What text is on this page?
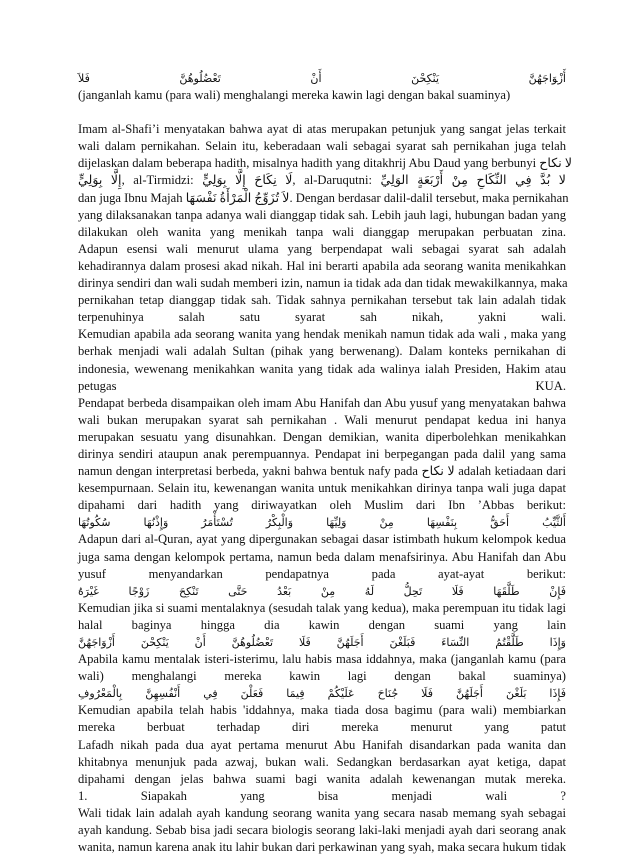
ﺃَﺯْﻮَﺍﺟَﻬُﻦَّ ﻳَﻨْﻜِﺤْﻦَ ﺃَﻥْ ﺗَﻌْﻀُﻠُﻮﻫُﻦَّ ﻓَﻼَ
(janganlah kamu (para wali) menghalangi mereka kawin lagi dengan bakal suaminya)
Imam al-Shafi’i menyatakan bahwa ayat di atas merupakan petunjuk yang sangat jelas terkait
wali dalam pernikahan. Selain itu, keberadaan wali sebagai syarat sah pernikahan juga telah
dijelaskan dalam beberapa hadith, misalnya hadith yang ditakhrij Abu Daud yang berbunyi لا نكاح
إِلَّا بِوَلِيٍّ, al-Tirmidzi: لَا نِكَاحَ إِلَّا بِوَلِيٍّ, al-Daruqutni: لا بُدَّ فِي النِّكَاحِ مِنْ أَرْبَعَةٍ الوَلِيِّ
dan juga Ibnu Majah لاَ تُزَوِّجُ الْمَرْأَةُ نَفْسَهَا. Dengan berdasar dalil-dalil tersebut, maka pernikahan
yang dilaksanakan tanpa adanya wali dianggap tidak sah. Lebih jauh lagi, hubungan badan yang
dilakukan oleh wanita yang menikah tanpa wali dianggap merupakan perbuatan zina.
Adapun esensi wali menurut ulama yang berpendapat wali sebagai syarat sah adalah
kehadirannya dalam prosesi akad nikah. Hal ini berarti apabila ada seorang wanita menikahkan
dirinya sendiri dan wali sudah memberi izin, namun ia tidak ada dan tidak mewakilkannya, maka
pernikahan tetap dianggap tidak sah. Tidak sahnya pernikahan tersebut tak lain adalah tidak
terpenuhinya salah satu syarat sah nikah, yakni wali.
Kemudian apabila ada seorang wanita yang hendak menikah namun tidak ada wali , maka yang
berhak menjadi wali adalah Sultan (pihak yang berwenang). Dalam konteks pernikahan di
indonesia, wewenang menikahkan wanita yang tidak ada walinya ialah Presiden, Hakim atau
petugas KUA.
Pendapat berbeda disampaikan oleh imam Abu Hanifah dan Abu yusuf yang menyatakan bahwa
wali bukan merupakan syarat sah pernikahan . Wali menurut pendapat kedua ini hanya
merupakan sesuatu yang disunahkan. Dengan demikian, wanita diperbolehkan menikahkan
dirinya sendiri ataupun anak perempuannya. Pendapat ini berpegangan pada dalil yang sama
namun dengan interpretasi berbeda, yakni bahwa bentuk nafy pada لا نكاح adalah ketiadaan dari
kesempurnaan. Selain itu, kewenangan wanita untuk menikahkan dirinya tanpa wali juga dapat
dipahami dari hadith yang diriwayatkan oleh Muslim dari Ibn ’Abbas berikut:
أَلثَّيِّبُ أَحَقُّ بِنَفْسِهَا مِنْ وَلِيِّهَا وَالْبِكْرُ تُسْتَأْمَرُ وَإِذْنُهَا سُكُوتُهَا
Adapun dari al-Quran, ayat yang dipergunakan sebagai dasar istimbath hukum kelompok kedua
juga sama dengan kelompok pertama, namun beda dalam menafsirinya. Abu Hanifah dan Abu
yusuf menyandarkan pendapatnya pada ayat-ayat berikut:
فَإِنْ طَلَّقَهَا فَلَا تَحِلُّ لَهُ مِنْ بَعْدُ حَتَّى تَنْكِحَ زَوْجًا غَيْرَهُ
Kemudian jika si suami mentalaknya (sesudah talak yang kedua), maka perempuan itu tidak lagi
halal baginya hingga dia kawin dengan suami yang lain
وَإِذَا طَلَّقْتُمُ النِّسَاءَ فَبَلَغْنَ أَجَلَهُنَّ فَلَا تَعْضُلُوهُنَّ أَنْ يَنْكِحْنَ أَزْوَاجَهُنَّ
Apabila kamu mentalak isteri-isterimu, lalu habis masa iddahnya, maka (janganlah kamu (para
wali) menghalangi mereka kawin lagi dengan bakal suaminya)
فَإِذَا بَلَغْنَ أَجَلَهُنَّ فَلَا جُنَاحَ عَلَيْكُمْ فِيمَا فَعَلْنَ فِي أَنْفُسِهِنَّ بِالْمَعْرُوفِ
Kemudian apabila telah habis 'iddahnya, maka tiada dosa bagimu (para wali) membiarkan
mereka berbuat terhadap diri mereka menurut yang patut
Lafadh nikah pada dua ayat pertama menurut Abu Hanifah disandarkan pada wanita dan
khitabnya menunjuk pada azwaj, bukan wali. Sedangkan berdasarkan ayat ketiga, dapat
dipahami dengan jelas bahwa suami bagi wanita adalah kewenangan mutak mereka.
1. Siapakah yang bisa menjadi wali ?
Wali tidak lain adalah ayah kandung seorang wanita yang secara nasab memang syah sebagai
ayah kandung. Sebab bisa jadi secara biologis seorang laki-laki menjadi ayah dari seorang anak
wanita, namun karena anak itu lahir bukan dari perkawinan yang syah, maka secara hukum tidak
